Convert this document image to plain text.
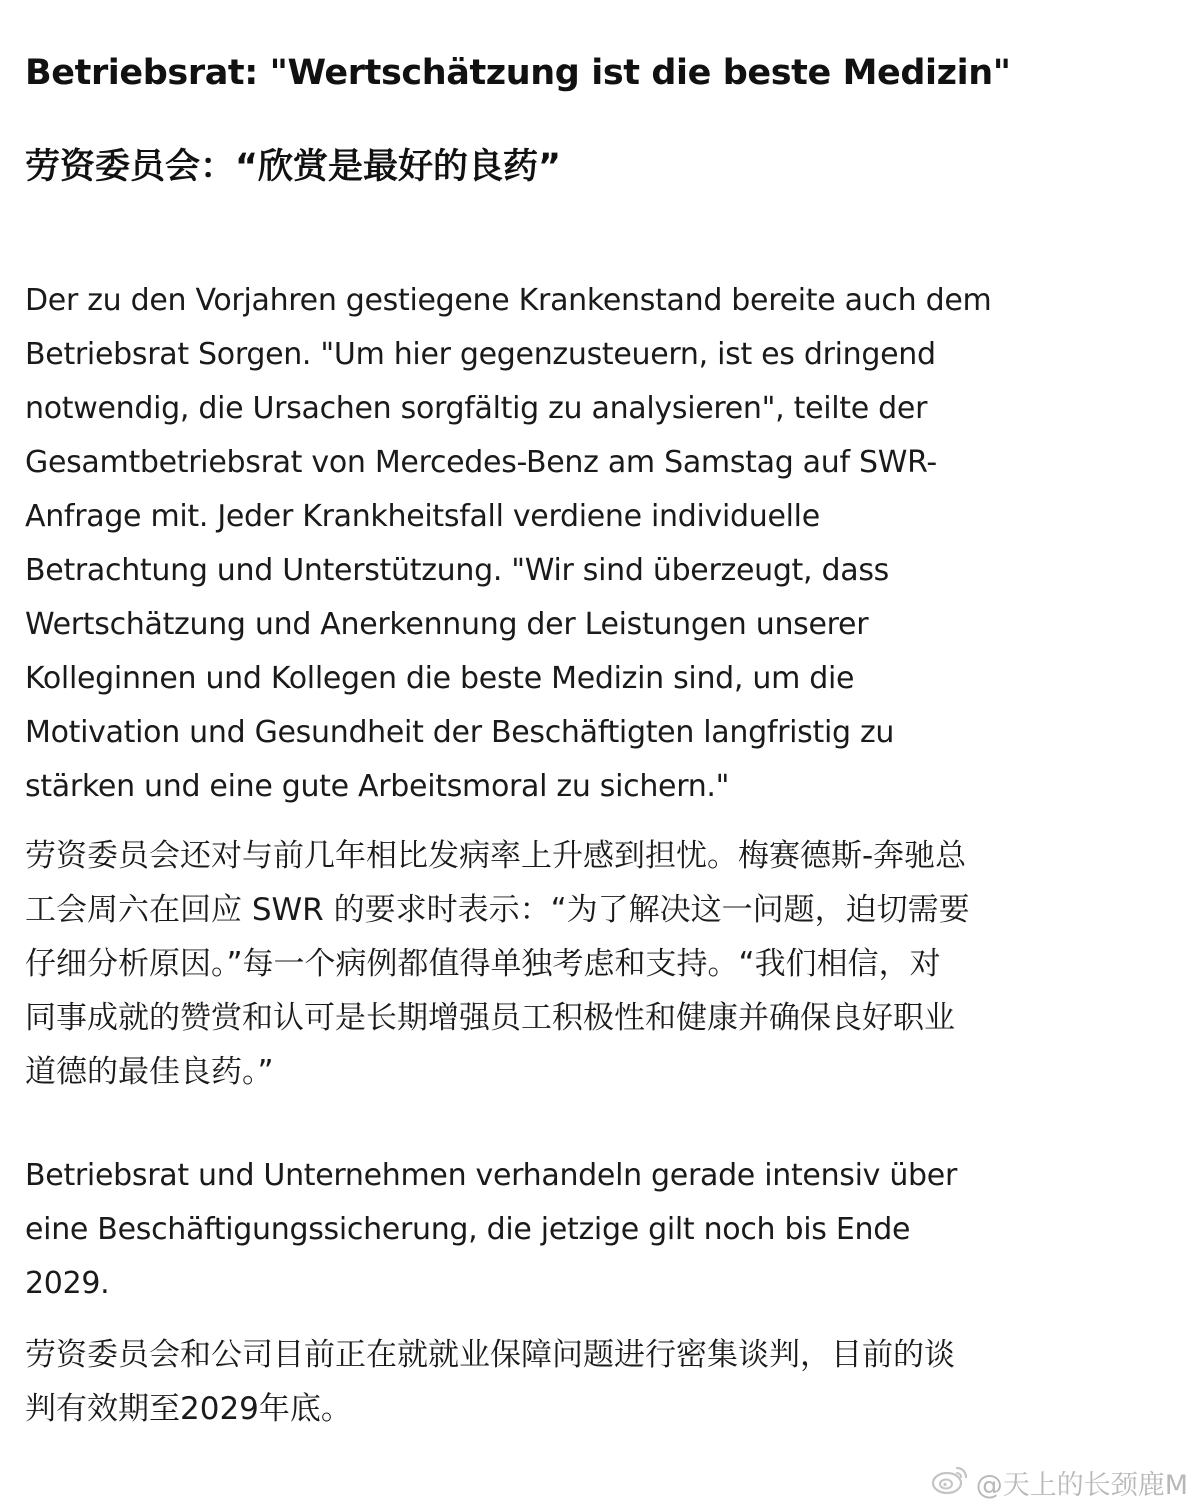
Betriebsrat: "Wertschätzung ist die beste Medizin"
劳资委员会：“欣赏是最好的良药”

Der zu den Vorjahren gestiegene Krankenstand bereite auch dem
Betriebsrat Sorgen. "Um hier gegenzusteuern, ist es dringend
notwendig, die Ursachen sorgfältig zu analysieren", teilte der
Gesamtbetriebsrat von Mercedes-Benz am Samstag auf SWR-
Anfrage mit. Jeder Krankheitsfall verdiene individuelle
Betrachtung und Unterstützung. "Wir sind überzeugt, dass
Wertschätzung und Anerkennung der Leistungen unserer
Kolleginnen und Kollegen die beste Medizin sind, um die
Motivation und Gesundheit der Beschäftigten langfristig zu
stärken und eine gute Arbeitsmoral zu sichern."

劳资委员会还对与前几年相比发病率上升感到担忧。梅赛德斯-奔驰总
工会周六在回应 SWR 的要求时表示：“为了解决这一问题，迫切需要
仔细分析原因。”每一个病例都值得单独考虑和支持。“我们相信，对
同事成就的赞赏和认可是长期增强员工积极性和健康并确保良好职业
道德的最佳良药。”

Betriebsrat und Unternehmen verhandeln gerade intensiv über
eine Beschäftigungssicherung, die jetzige gilt noch bis Ende
2029.

劳资委员会和公司目前正在就就业保障问题进行密集谈判，目前的谈
判有效期至2029年底。

@天上的长颈鹿M
